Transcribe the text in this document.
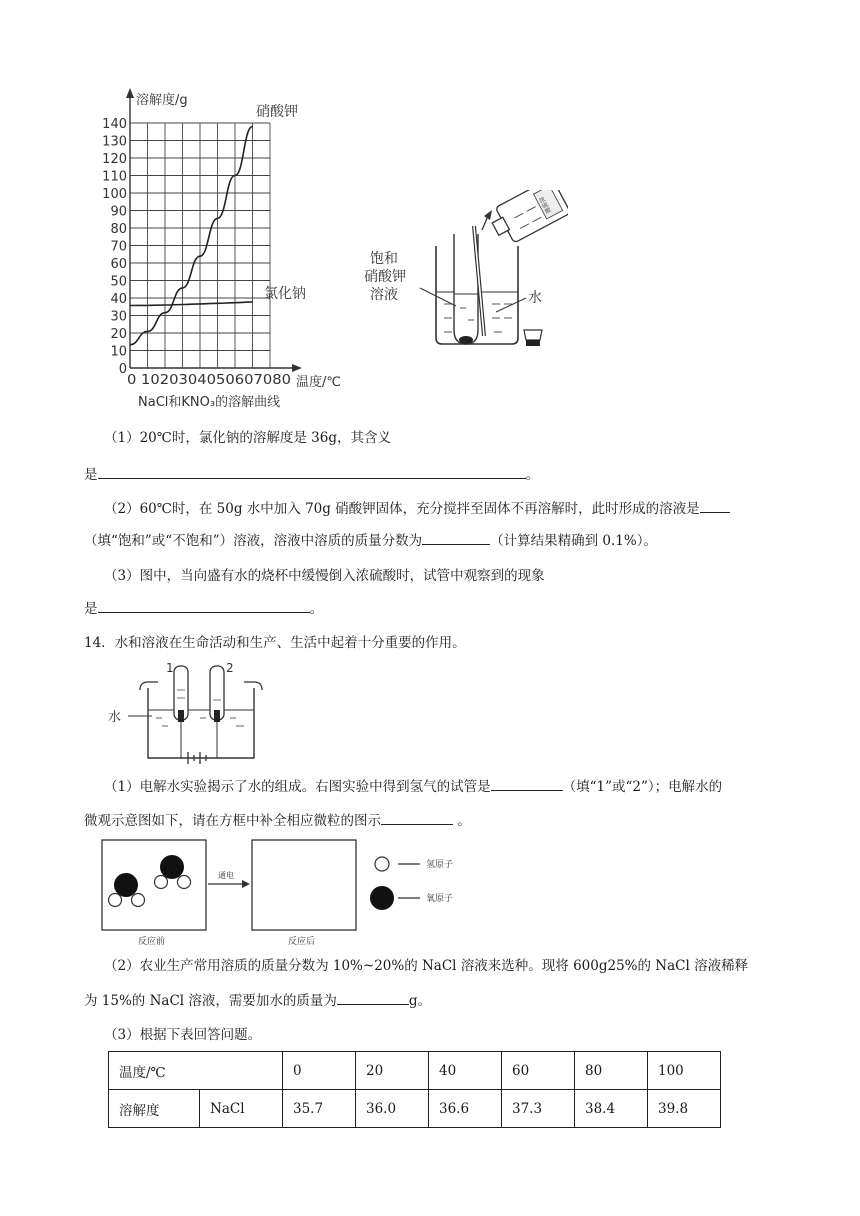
溶解度/g
140
130
120
110
100
90
80
70
60
50
40
30
20
10
0
0 1020304050607080 温度/℃
NaCl和KNO₃的溶解曲线
硝酸钾
氯化钠
浓硫酸
饱和
硝酸钾
溶液	水
（1）20℃时，氯化钠的溶解度是 36g，其含义
是	。
（2）60℃时，在 50g 水中加入 70g 硝酸钾固体，充分搅拌至固体不再溶解时，此时形成的溶液是
（填“饱和”或“不饱和”）溶液，溶液中溶质的质量分数为	（计算结果精确到 0.1%）。
（3）图中，当向盛有水的烧杯中缓慢倒入浓硫酸时，试管中观察到的现象
是	。
14．水和溶液在生命活动和生产、生活中起着十分重要的作用。
1	2
水
（1）电解水实验揭示了水的组成。右图实验中得到氢气的试管是	（填“1”或“2”）；电解水的
微观示意图如下，请在方框中补全相应微粒的图示	。
通电
反应前	反应后
氢原子
氧原子
（2）农业生产常用溶质的质量分数为 10%~20%的 NaCl 溶液来选种。现将 600g25%的 NaCl 溶液稀释
为 15%的 NaCl 溶液，需要加水的质量为	g。
（3）根据下表回答问题。
温度/℃		0	20	40	60	80	100
溶解度	NaCl	35.7	36.0	36.6	37.3	38.4	39.8
